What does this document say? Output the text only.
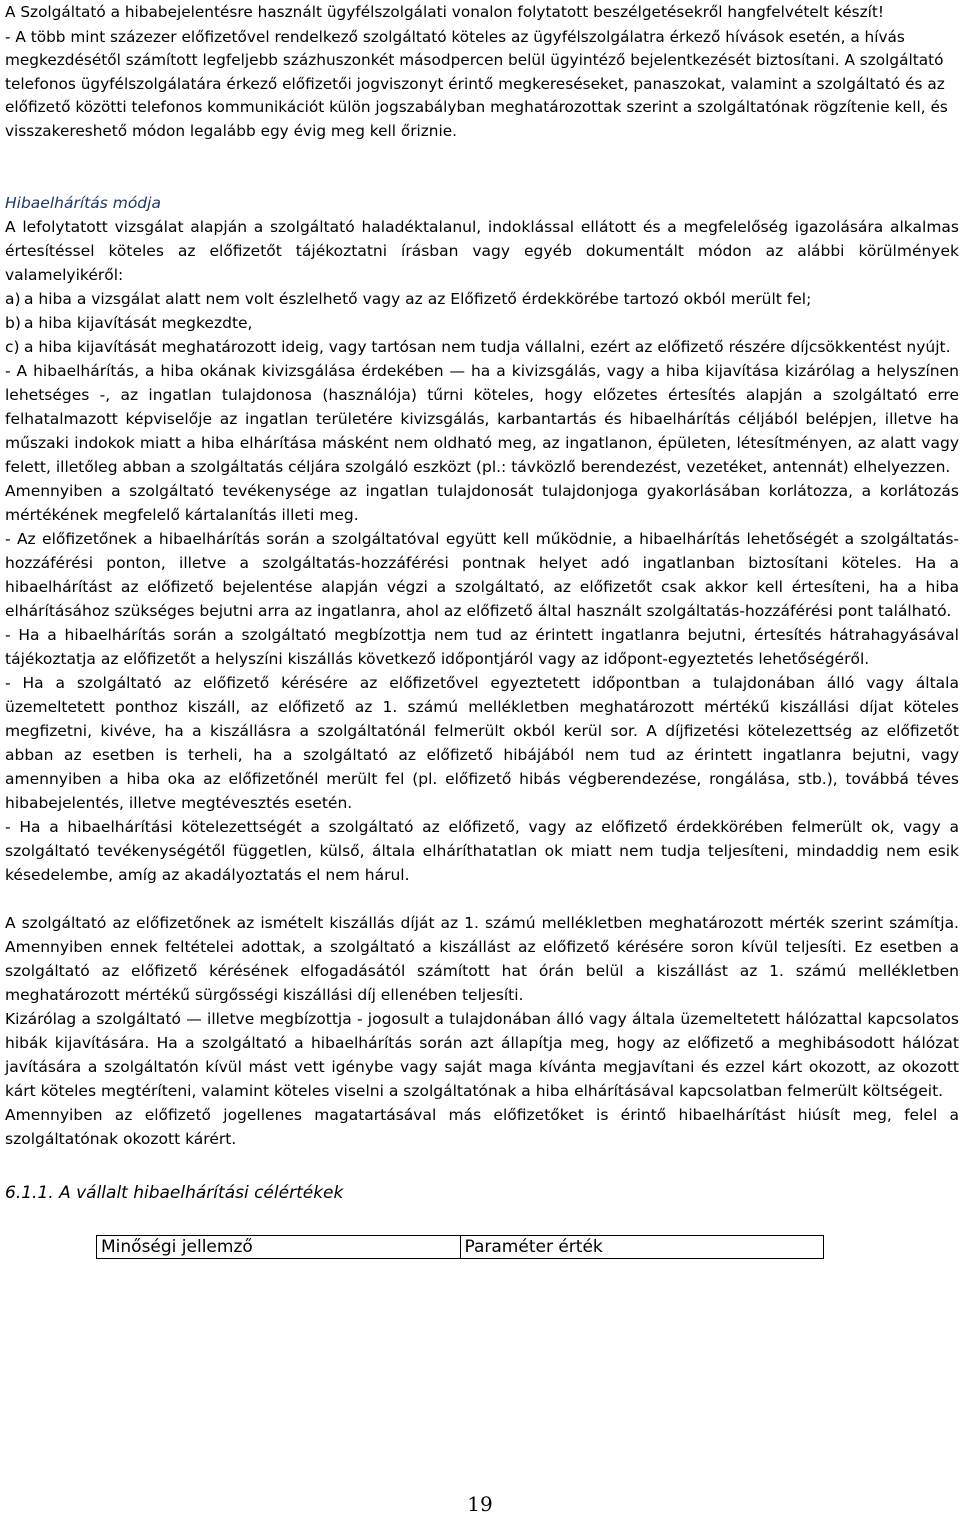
A Szolgáltató a hibabejelentésre használt ügyfélszolgálati vonalon folytatott beszélgetésekről hangfelvételt készít!

- A több mint százezer előfizetővel rendelkező szolgáltató köteles az ügyfélszolgálatra érkező hívások esetén, a hívás megkezdésétől számított legfeljebb százhuszonkét másodpercen belül ügyintéző bejelentkezését biztosítani. A szolgáltató telefonos ügyfélszolgálatára érkező előfizetői jogviszonyt érintő megkereséseket, panaszokat, valamint a szolgáltató és az előfizető közötti telefonos kommunikációt külön jogszabályban meghatározottak szerint a szolgáltatónak rögzítenie kell, és visszakereshető módon legalább egy évig meg kell őriznie.

Hibaelhárítás módja

A lefolytatott vizsgálat alapján a szolgáltató haladéktalanul, indoklással ellátott és a megfelelőség igazolására alkalmas értesítéssel köteles az előfizetőt tájékoztatni írásban vagy egyéb dokumentált módon az alábbi körülmények valamelyikéről:

a) a hiba a vizsgálat alatt nem volt észlelhető vagy az az Előfizető érdekkörébe tartozó okból merült fel;
b) a hiba kijavítását megkezdte,
c) a hiba kijavítását meghatározott ideig, vagy tartósan nem tudja vállalni, ezért az előfizető részére díjcsökkentést nyújt.

- A hibaelhárítás, a hiba okának kivizsgálása érdekében — ha a kivizsgálás, vagy a hiba kijavítása kizárólag a helyszínen lehetséges -, az ingatlan tulajdonosa (használója) tűrni köteles, hogy előzetes értesítés alapján a szolgáltató erre felhatalmazott képviselője az ingatlan területére kivizsgálás, karbantartás és hibaelhárítás céljából belépjen, illetve ha műszaki indokok miatt a hiba elhárítása másként nem oldható meg, az ingatlanon, épületen, létesítményen, az alatt vagy felett, illetőleg abban a szolgáltatás céljára szolgáló eszközt (pl.: távközlő berendezést, vezetéket, antennát) elhelyezzen.

Amennyiben a szolgáltató tevékenysége az ingatlan tulajdonosát tulajdonjoga gyakorlásában korlátozza, a korlátozás mértékének megfelelő kártalanítás illeti meg.

- Az előfizetőnek a hibaelhárítás során a szolgáltatóval együtt kell működnie, a hibaelhárítás lehetőségét a szolgáltatás-hozzáférési ponton, illetve a szolgáltatás-hozzáférési pontnak helyet adó ingatlanban biztosítani köteles. Ha a hibaelhárítást az előfizető bejelentése alapján végzi a szolgáltató, az előfizetőt csak akkor kell értesíteni, ha a hiba elhárításához szükséges bejutni arra az ingatlanra, ahol az előfizető által használt szolgáltatás-hozzáférési pont található.

- Ha a hibaelhárítás során a szolgáltató megbízottja nem tud az érintett ingatlanra bejutni, értesítés hátrahagyásával tájékoztatja az előfizetőt a helyszíni kiszállás következő időpontjáról vagy az időpont-egyeztetés lehetőségéről.

- Ha a szolgáltató az előfizető kérésére az előfizetővel egyeztetett időpontban a tulajdonában álló vagy általa üzemeltetett ponthoz kiszáll, az előfizető az 1. számú mellékletben meghatározott mértékű kiszállási díjat köteles megfizetni, kivéve, ha a kiszállásra a szolgáltatónál felmerült okból kerül sor. A díjfizetési kötelezettség az előfizetőt abban az esetben is terheli, ha a szolgáltató az előfizető hibájából nem tud az érintett ingatlanra bejutni, vagy amennyiben a hiba oka az előfizetőnél merült fel (pl. előfizető hibás végberendezése, rongálása, stb.), továbbá téves hibabejelentés, illetve megtévesztés esetén.

- Ha a hibaelhárítási kötelezettségét a szolgáltató az előfizető, vagy az előfizető érdekkörében felmerült ok, vagy a szolgáltató tevékenységétől független, külső, általa elháríthatatlan ok miatt nem tudja teljesíteni, mindaddig nem esik késedelembe, amíg az akadályoztatás el nem hárul.

A szolgáltató az előfizetőnek az ismételt kiszállás díját az 1. számú mellékletben meghatározott mérték szerint számítja. Amennyiben ennek feltételei adottak, a szolgáltató a kiszállást az előfizető kérésére soron kívül teljesíti. Ez esetben a szolgáltató az előfizető kérésének elfogadásától számított hat órán belül a kiszállást az 1. számú mellékletben meghatározott mértékű sürgősségi kiszállási díj ellenében teljesíti.

Kizárólag a szolgáltató — illetve megbízottja - jogosult a tulajdonában álló vagy általa üzemeltetett hálózattal kapcsolatos hibák kijavítására. Ha a szolgáltató a hibaelhárítás során azt állapítja meg, hogy az előfizető a meghibásodott hálózat javítására a szolgáltatón kívül mást vett igénybe vagy saját maga kívánta megjavítani és ezzel kárt okozott, az okozott kárt köteles megtéríteni, valamint köteles viselni a szolgáltatónak a hiba elhárításával kapcsolatban felmerült költségeit.

Amennyiben az előfizető jogellenes magatartásával más előfizetőket is érintő hibaelhárítást hiúsít meg, felel a szolgáltatónak okozott kárért.

6.1.1. A vállalt hibaelhárítási célértékek

Minőségi jellemző	Paraméter érték
19
